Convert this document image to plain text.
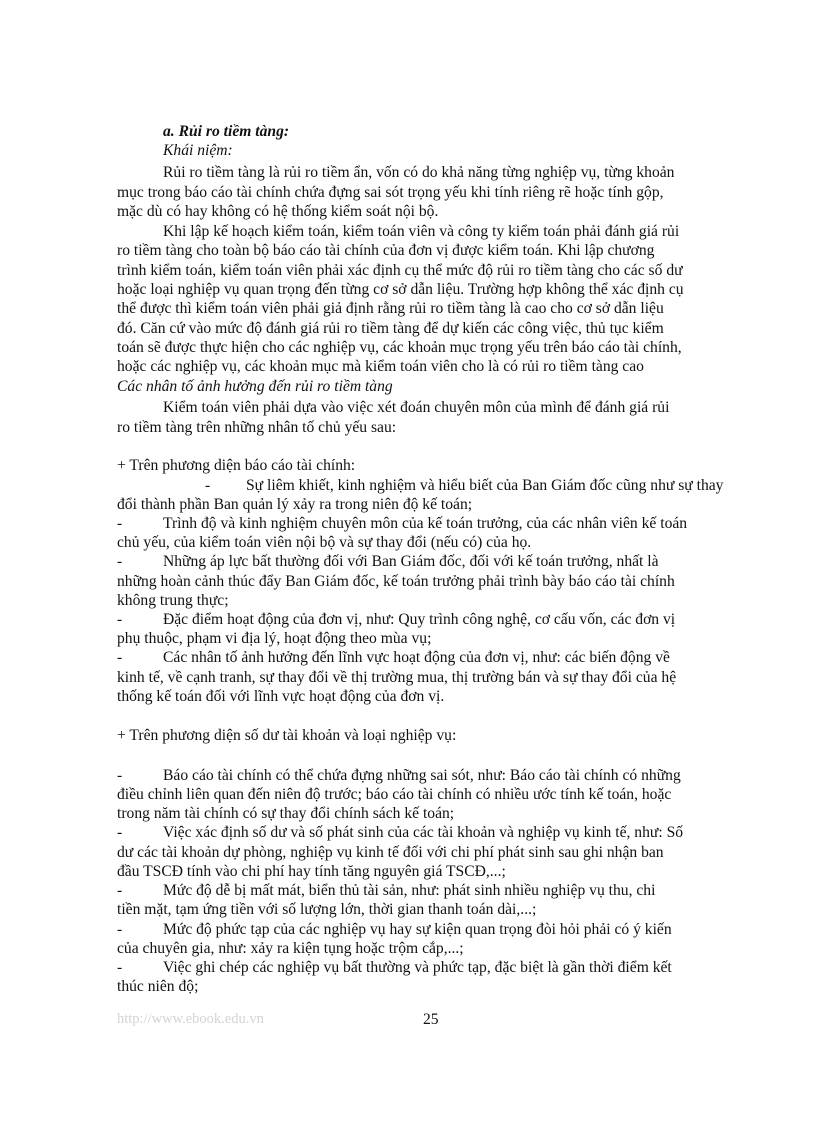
a. Rủi ro tiềm tàng:
Khái niệm:
Rủi ro tiềm tàng là rủi ro tiềm ẩn, vốn có do khả năng từng nghiệp vụ, từng khoản
mục trong báo cáo tài chính chứa đựng sai sót trọng yếu khi tính riêng rẽ hoặc tính gộp,
mặc dù có hay không có hệ thống kiểm soát nội bộ.
Khi lập kế hoạch kiểm toán, kiểm toán viên và công ty kiểm toán phải đánh giá rủi
ro tiềm tàng cho toàn bộ báo cáo tài chính của đơn vị được kiểm toán. Khi lập chương
trình kiểm toán, kiểm toán viên phải xác định cụ thể mức độ rủi ro tiềm tàng cho các số dư
hoặc loại nghiệp vụ quan trọng đến từng cơ sở dẫn liệu. Trường hợp không thể xác định cụ
thể được thì kiểm toán viên phải giả định rằng rủi ro tiềm tàng là cao cho cơ sở dẫn liệu
đó. Căn cứ vào mức độ đánh giá rủi ro tiềm tàng để dự kiến các công việc, thủ tục kiểm
toán sẽ được thực hiện cho các nghiệp vụ, các khoản mục trọng yếu trên báo cáo tài chính,
hoặc các nghiệp vụ, các khoản mục mà kiểm toán viên cho là có rủi ro tiềm tàng cao
Các nhân tố ảnh hưởng đến rủi ro tiềm tàng
Kiểm toán viên phải dựa vào việc xét đoán chuyên môn của mình để đánh giá rủi
ro tiềm tàng trên những nhân tố chủ yếu sau:
+ Trên phương diện báo cáo tài chính:
- Sự liêm khiết, kinh nghiệm và hiểu biết của Ban Giám đốc cũng như sự thay
đổi thành phần Ban quản lý xảy ra trong niên độ kế toán;
-	Trình độ và kinh nghiệm chuyên môn của kế toán trưởng, của các nhân viên kế toán
chủ yếu, của kiểm toán viên nội bộ và sự thay đổi (nếu có) của họ.
-	Những áp lực bất thường đối với Ban Giám đốc, đối với kế toán trưởng, nhất là
những hoàn cảnh thúc đẩy Ban Giám đốc, kế toán trưởng phải trình bày báo cáo tài chính
không trung thực;
-	Đặc điểm hoạt động của đơn vị, như: Quy trình công nghệ, cơ cấu vốn, các đơn vị
phụ thuộc, phạm vi địa lý, hoạt động theo mùa vụ;
-	Các nhân tố ảnh hưởng đến lĩnh vực hoạt động của đơn vị, như: các biến động về
kinh tế, về cạnh tranh, sự thay đổi về thị trường mua, thị trường bán và sự thay đổi của hệ
thống kế toán đối với lĩnh vực hoạt động của đơn vị.
+ Trên phương diện số dư tài khoản và loại nghiệp vụ:
-	Báo cáo tài chính có thể chứa đựng những sai sót, như: Báo cáo tài chính có những
điều chỉnh liên quan đến niên độ trước; báo cáo tài chính có nhiều ước tính kế toán, hoặc
trong năm tài chính có sự thay đổi chính sách kế toán;
-	Việc xác định số dư và số phát sinh của các tài khoản và nghiệp vụ kinh tế, như: Số
dư các tài khoản dự phòng, nghiệp vụ kinh tế đối với chi phí phát sinh sau ghi nhận ban
đầu TSCĐ tính vào chi phí hay tính tăng nguyên giá TSCĐ,...;
-	Mức độ dễ bị mất mát, biển thủ tài sản, như: phát sinh nhiều nghiệp vụ thu, chi
tiền mặt, tạm ứng tiền với số lượng lớn, thời gian thanh toán dài,...;
-	Mức độ phức tạp của các nghiệp vụ hay sự kiện quan trọng đòi hỏi phải có ý kiến
của chuyên gia, như: xảy ra kiện tụng hoặc trộm cắp,...;
-	Việc ghi chép các nghiệp vụ bất thường và phức tạp, đặc biệt là gần thời điểm kết
thúc niên độ;
http://www.ebook.edu.vn	25
